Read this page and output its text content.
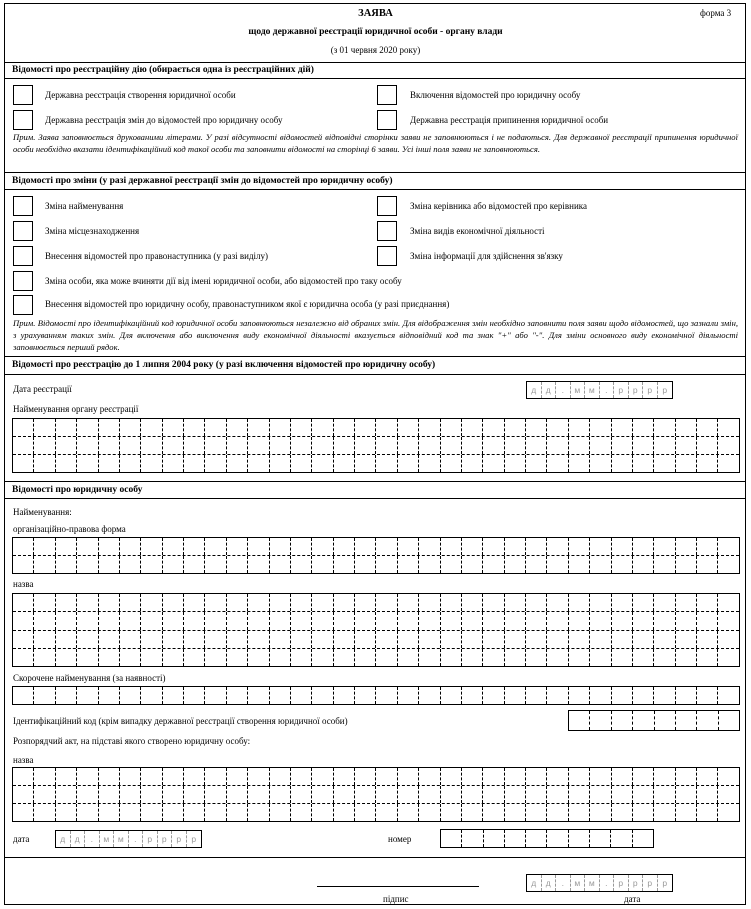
ЗАЯВА	форма 3
щодо державної реєстрації юридичної особи - органу влади
(з 01 червня 2020 року)
Відомості про реєстраційну дію (обирається одна із реєстраційних дій)
Державна реєстрація створення юридичної особи	Включення відомостей про юридичну особу
Державна реєстрація змін до відомостей про юридичну особу	Державна реєстрація припинення юридичної особи
Прим. Заява заповнюється друкованими літерами. У разі відсутності відомостей відповідні сторінки заяви не заповнюються і не подаються. Для державної реєстрації припинення юридичної особи необхідно вказати ідентифікаційний код такої особи та заповнити відомості на сторінці 6 заяви. Усі інші поля заяви не заповнюються.
Відомості про зміни (у разі державної реєстрації змін до відомостей про юридичну особу)
Зміна найменування	Зміна керівника або відомостей про керівника
Зміна місцезнаходження	Зміна видів економічної діяльності
Внесення відомостей про правонаступника (у разі виділу)	Зміна інформації для здійснення зв'язку
Зміна особи, яка може вчиняти дії від імені юридичної особи, або відомостей про таку особу
Внесення відомостей про юридичну особу, правонаступником якої є юридична особа (у разі приєднання)
Прим. Відомості про ідентифікаційний код юридичної особи заповнюються незалежно від обраних змін. Для відображення змін необхідно заповнити поля заяви щодо відомостей, що зазнали змін, з урахуванням таких змін. Для включення або виключення виду економічної діяльності вказується відповідний код та знак "+" або "-". Для зміни основного виду економічної діяльності заповнюється перший рядок.
Відомості про реєстрацію до 1 липня 2004 року (у разі включення відомостей про юридичну особу)
Дата реєстрації	д	д	.	м	м	.	р	р	р	р
Найменування органу реєстрації
Відомості про юридичну особу
Найменування:
організаційно-правова форма
назва
Скорочене найменування (за наявності)
Ідентифікаційний код (крім випадку державної реєстрації створення юридичної особи)
Розпорядчий акт, на підставі якого створено юридичну особу:
назва
дата	д	д	.	м	м	.	р	р	р	р	номер
підпис
д	д	.	м	м	.	р	р	р	р
дата
